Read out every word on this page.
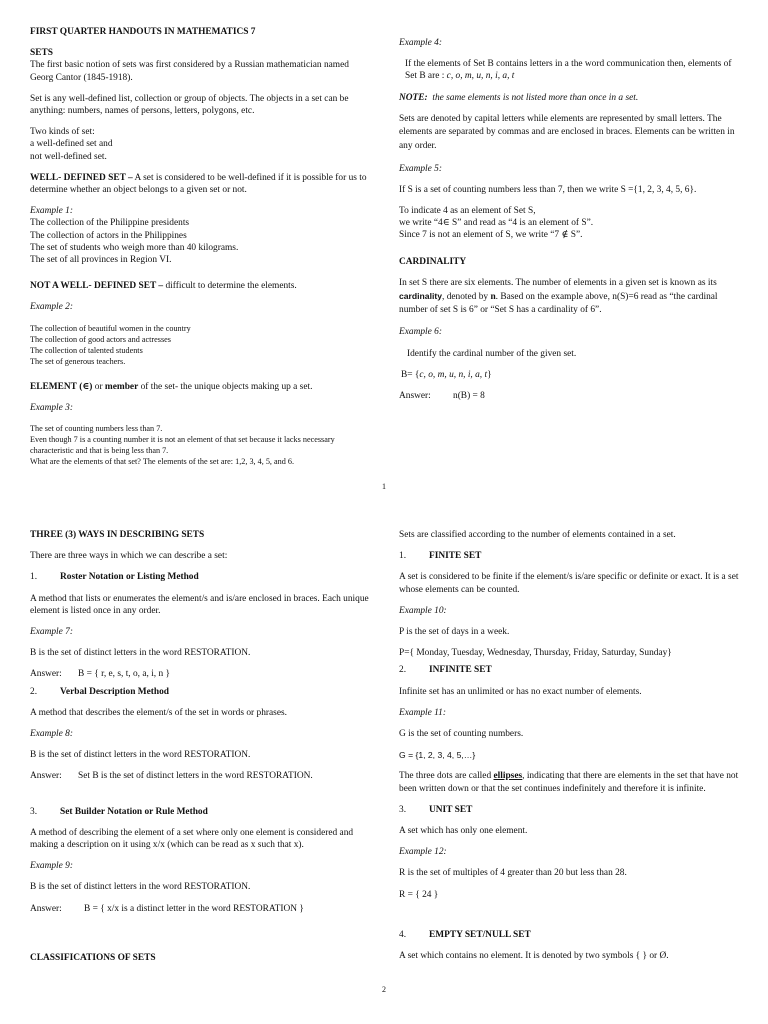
FIRST QUARTER HANDOUTS IN MATHEMATICS 7

SETS

The first basic notion of sets was first considered by a Russian mathematician named Georg Cantor (1845-1918).

Set is any well-defined list, collection or group of objects. The objects in a set can be anything: numbers, names of persons, letters, polygons, etc.

Two kinds of set:

a well-defined set and

not well-defined set.

WELL- DEFINED SET – A set is considered to be well-defined if it is possible for us to determine whether an object belongs to a given set or not.

Example 1:

The collection of the Philippine presidents

The collection of actors in the Philippines

The set of students who weigh more than 40 kilograms.

The set of all provinces in Region VI.

NOT A WELL- DEFINED SET – difficult to determine the elements.

Example 2:

The collection of beautiful women in the country

The collection of good actors and actresses

The collection of talented students

The set of generous teachers.

ELEMENT (∈) or member of the set- the unique objects making up a set.

Example 3:

The set of counting numbers less than 7.

Even though 7 is a counting number it is not an element of that set because it lacks necessary characteristic and that is being less than 7.

What are the elements of that set? The elements of the set are: 1,2, 3, 4, 5, and 6.

Example 4:

If the elements of Set B contains letters in a the word communication then, elements of Set B are : c, o, m, u, n, i, a, t

NOTE: the same elements is not listed more than once in a set.

Sets are denoted by capital letters while elements are represented by small letters. The elements are separated by commas and are enclosed in braces. Elements can be written in any order.

Example 5:

If S is a set of counting numbers less than 7, then we write S ={1, 2, 3, 4, 5, 6}.

To indicate 4 as an element of Set S,

we write “4∈ S” and read as “4 is an element of S”.

Since 7 is not an element of S, we write “7 ∉ S”.

CARDINALITY

In set S there are six elements. The number of elements in a given set is known as its cardinality, denoted by n. Based on the example above, n(S)=6 read as “the cardinal number of set S is 6” or “Set S has a cardinality of 6”.

Example 6:

Identify the cardinal number of the given set.

B= {c, o, m, u, n, i, a, t}

Answer:	n(B) = 8
1

THREE (3) WAYS IN DESCRIBING SETS

There are three ways in which we can describe a set:

1.	Roster Notation or Listing Method

A method that lists or enumerates the element/s and is/are enclosed in braces. Each unique element is listed once in any order.

Example 7:

B is the set of distinct letters in the word RESTORATION.

Answer:	B = { r, e, s, t, o, a, i, n }
2.	Verbal Description Method

A method that describes the element/s of the set in words or phrases.

Example 8:

B is the set of distinct letters in the word RESTORATION.

Answer:	Set B is the set of distinct letters in the word RESTORATION.
3.	Set Builder Notation or Rule Method

A method of describing the element of a set where only one element is considered and making a description on it using x/x (which can be read as x such that x).

Example 9:

B is the set of distinct letters in the word RESTORATION.

Answer:	B = { x/x is a distinct letter in the word RESTORATION }

CLASSIFICATIONS OF SETS

Sets are classified according to the number of elements contained in a set.

1.	FINITE SET

A set is considered to be finite if the element/s is/are specific or definite or exact. It is a set whose elements can be counted.

Example 10:

P is the set of days in a week.

P={ Monday, Tuesday, Wednesday, Thursday, Friday, Saturday, Sunday}

2.	INFINITE SET

Infinite set has an unlimited or has no exact number of elements.

Example 11:

G is the set of counting numbers.

G = {1, 2, 3, 4, 5,…}

The three dots are called ellipses, indicating that there are elements in the set that have not been written down or that the set continues indefinitely and therefore it is infinite.

3.	UNIT SET

A set which has only one element.

Example 12:

R is the set of multiples of 4 greater than 20 but less than 28.

R = { 24 }

4.	EMPTY SET/NULL SET

A set which contains no element. It is denoted by two symbols { } or Ø.

2
